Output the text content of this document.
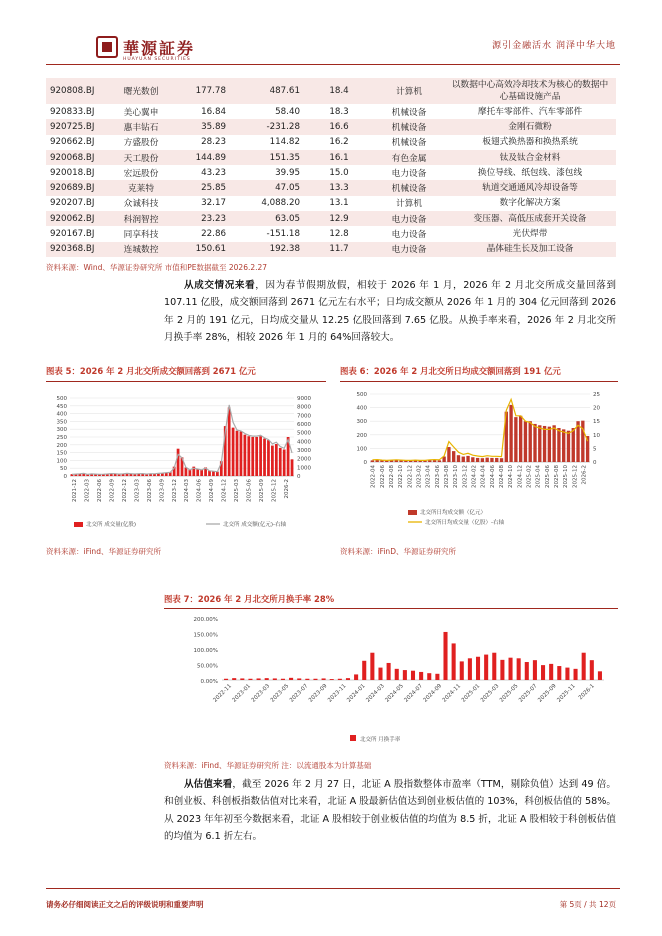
華源証券
HUAYUAN SECURITIES
源引金融活水 润泽中华大地
920808.BJ	曙光数创	177.78	487.61	18.4	计算机	以数据中心高效冷却技术为核心的数据中心基础设施产品
920833.BJ	美心翼申	16.84	58.40	18.3	机械设备	摩托车零部件、汽车零部件
920725.BJ	惠丰钻石	35.89	-231.28	16.6	机械设备	金刚石微粉
920662.BJ	方盛股份	28.23	114.82	16.2	机械设备	板翅式换热器和换热系统
920068.BJ	天工股份	144.89	151.35	16.1	有色金属	钛及钛合金材料
920018.BJ	宏远股份	43.23	39.95	15.0	电力设备	换位导线、纸包线、漆包线
920689.BJ	克莱特	25.85	47.05	13.3	机械设备	轨道交通通风冷却设备等
920207.BJ	众诚科技	32.17	4,088.20	13.1	计算机	数字化解决方案
920062.BJ	科润智控	23.23	63.05	12.9	电力设备	变压器、高低压成套开关设备
920167.BJ	同享科技	22.86	-151.18	12.8	电力设备	光伏焊带
920368.BJ	连城数控	150.61	192.38	11.7	电力设备	晶体硅生长及加工设备
资料来源：Wind、华源证券研究所 市值和PE数据截至 2026.2.27
从成交情况来看，因为春节假期放假，相较于 2026 年 1 月，2026 年 2 月北交所成交量回落到 107.11 亿股，成交额回落到 2671 亿元左右水平；日均成交额从 2026 年 1 月的 304 亿元回落到 2026 年 2 月的 191 亿元，日均成交量从 12.25 亿股回落到 7.65 亿股。从换手率来看，2026 年 2 月北交所月换手率 28%，相较 2026 年 1 月的 64%回落较大。
图表 5：2026 年 2 月北交所成交额回落到 2671 亿元
0
50
100
150
200
250
300
350
400
450
500
0
1000
2000
3000
4000
5000
6000
7000
8000
9000
2021-12 2022-03 2022-06 2022-09 2022-12 2023-03 2023-06 2023-09 2023-12 2024-03 2024-06 2024-09 2024-12 2025-03 2025-06 2025-09 2025-12 2026-2
北交所 成交量(亿股)	北交所 成交额(亿元)-右轴
资料来源：iFind、华源证券研究所
图表 6：2026 年 2 月北交所日均成交额回落到 191 亿元
0
100
200
300
400
500
0
5
10
15
20
25
2022-04 2022-06 2022-08 2022-10 2022-12 2023-02 2023-04 2023-06 2023-08 2023-10 2023-12 2024-02 2024-04 2024-06 2024-08 2024-10 2024-12 2025-02 2025-04 2025-06 2025-08 2025-10 2025-12 2026-2
北交所日均成交额（亿元）
北交所日均成交量（亿股）-右轴
资料来源：iFinD、华源证券研究所
图表 7：2026 年 2 月北交所月换手率 28%
0.00%
50.00%
100.00%
150.00%
200.00%
2022-11
2023-01
2023-03
2023-05
2023-07
2023-09
2023-11
2024-01
2024-03
2024-05
2024-07
2024-09
2024-11
2025-01
2025-03
2025-05
2025-07
2025-09
2025-11 2026-1
北交所 月换手率
资料来源：iFind、华源证券研究所 注：以流通股本为计算基础
从估值来看，截至 2026 年 2 月 27 日，北证 A 股指数整体市盈率（TTM，剔除负值）达到 49 倍。和创业板、科创板指数估值对比来看，北证 A 股最新估值达到创业板估值的 103%，科创板估值的 58%。从 2023 年年初至今数据来看，北证 A 股相较于创业板估值的均值为 8.5 折，北证 A 股相较于科创板估值的均值为 6.1 折左右。
请务必仔细阅读正文之后的评级说明和重要声明	第 5页 / 共 12页
